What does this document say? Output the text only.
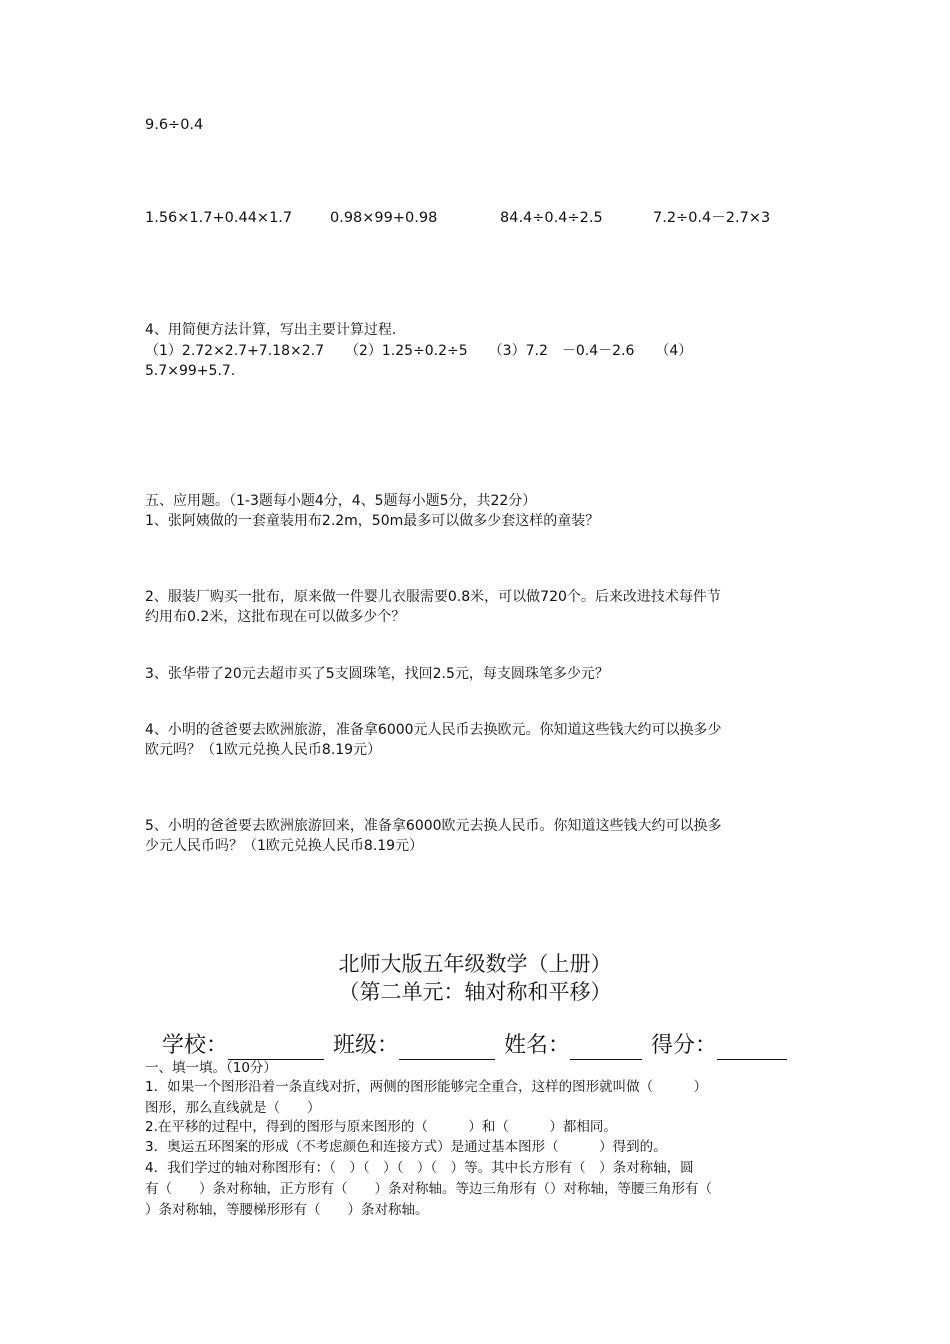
9.6÷0.4
1.56×1.7+0.44×1.7	0.98×99+0.98	84.4÷0.4÷2.5	7.2÷0.4－2.7×3
4、用简便方法计算，写出主要计算过程.
（1）2.72×2.7+7.18×2.7　　（2）1.25÷0.2÷5　　（3）7.2　－0.4－2.6　　（4）
5.7×99+5.7.
五、应用题。（1-3题每小题4分，4、5题每小题5分，共22分）
1、张阿姨做的一套童装用布2.2m，50m最多可以做多少套这样的童装？
2、服装厂购买一批布，原来做一件婴儿衣服需要0.8米，可以做720个。后来改进技术每件节
约用布0.2米，这批布现在可以做多少个？
3、张华带了20元去超市买了5支圆珠笔，找回2.5元，每支圆珠笔多少元？
4、小明的爸爸要去欧洲旅游，准备拿6000元人民币去换欧元。你知道这些钱大约可以换多少
欧元吗？（1欧元兑换人民币8.19元）
5、小明的爸爸要去欧洲旅游回来，准备拿6000欧元去换人民币。你知道这些钱大约可以换多
少元人民币吗？（1欧元兑换人民币8.19元）
北师大版五年级数学（上册）
（第二单元：轴对称和平移）
学校：	班级：	姓名：	得分：
一、填一填。（10分）
1．如果一个图形沿着一条直线对折，两侧的图形能够完全重合，这样的图形就叫做（　　　）
图形，那么直线就是（　　）
2.在平移的过程中，得到的图形与原来图形的（　　　）和（　　　）都相同。
3．奥运五环图案的形成（不考虑颜色和连接方式）是通过基本图形（　　　）得到的。
4．我们学过的轴对称图形有：（　）（　）（　）（　）等。其中长方形有（　）条对称轴，圆
有（　　）条对称轴，正方形有（　　）条对称轴。等边三角形有（）对称轴，等腰三角形有（
）条对称轴，等腰梯形形有（　　）条对称轴。
